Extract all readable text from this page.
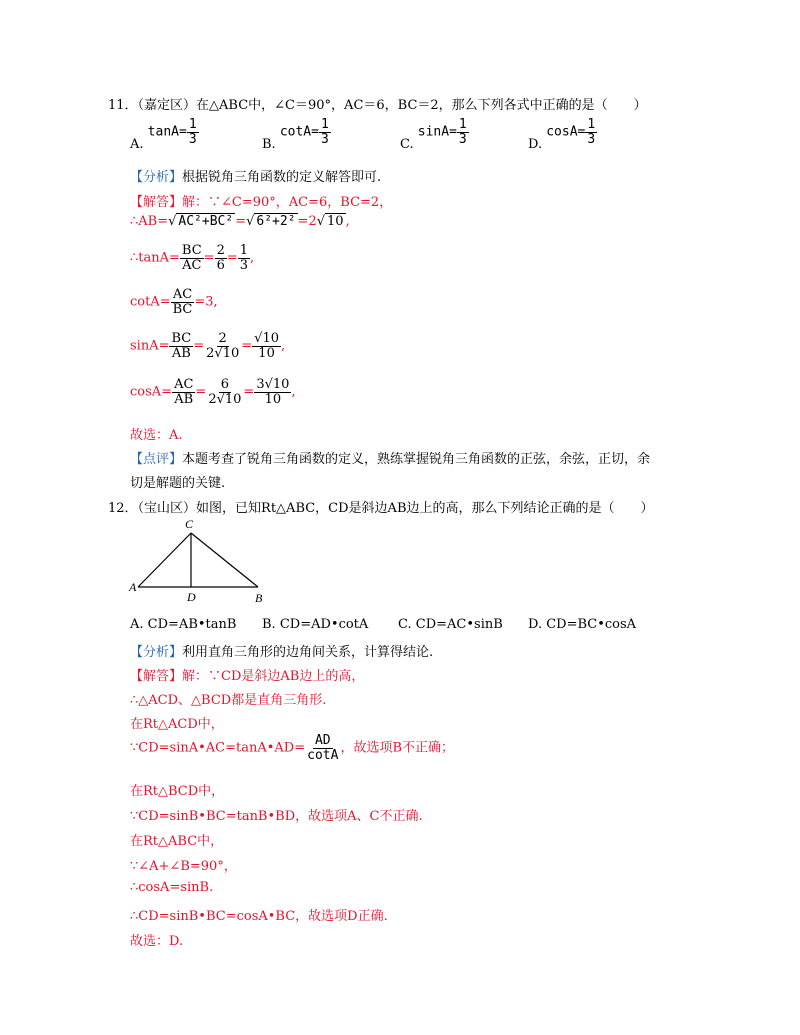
11．（嘉定区）在△ABC中，∠C＝90°，AC＝6，BC＝2，那么下列各式中正确的是（　　）
A. $\tan A= \frac{1}{3}$	B. $\cot A= \frac{1}{3}$	C. $\sin A= \frac{1}{3}$	D. $\cos A= \frac{1}{3}$
【分析】根据锐角三角函数的定义解答即可.
【解答】解：∵∠C=90°，AC=6，BC=2，
∴AB=√ AC²+BC² =√ 6²+2² =2√ 10 ,
∴tanA= $\frac{BC}{AC} = \frac{2}{6} = \frac{1}{3}$ ,
$\cot A= \frac{AC}{BC} =3$,
$\sin A= \frac{BC}{AB} = \frac{2}{2√10} = \frac{√10}{10}$ ,
$\cos A= \frac{AC}{AB} = \frac{6}{2√10} = \frac{3√10}{10}$ ,
故选：A.
【点评】本题考查了锐角三角函数的定义，熟练掌握锐角三角函数的正弦，余弦，正切，余
切是解题的关键.
12．（宝山区）如图，已知Rt△ABC，CD是斜边AB边上的高，那么下列结论正确的是（　　）
C
A
D	B
A. CD=AB•tanB B. CD=AD•cotA C. CD=AC•sinB D. CD=BC•cosA
【分析】利用直角三角形的边角间关系，计算得结论.
【解答】解：∵CD是斜边AB边上的高，
∴△ACD、△BCD都是直角三角形.
在Rt△ACD中，
∵CD=sinA•AC=tanA•AD= $\frac{AD}{\cot A}$ ，故选项B不正确；
在Rt△BCD中，
∵CD=sinB•BC=tanB•BD，故选项A、C不正确.
在Rt△ABC中，
∵∠A+∠B=90°，
∴cosA=sinB.
∴CD=sinB•BC=cosA•BC，故选项D正确.
故选：D.
